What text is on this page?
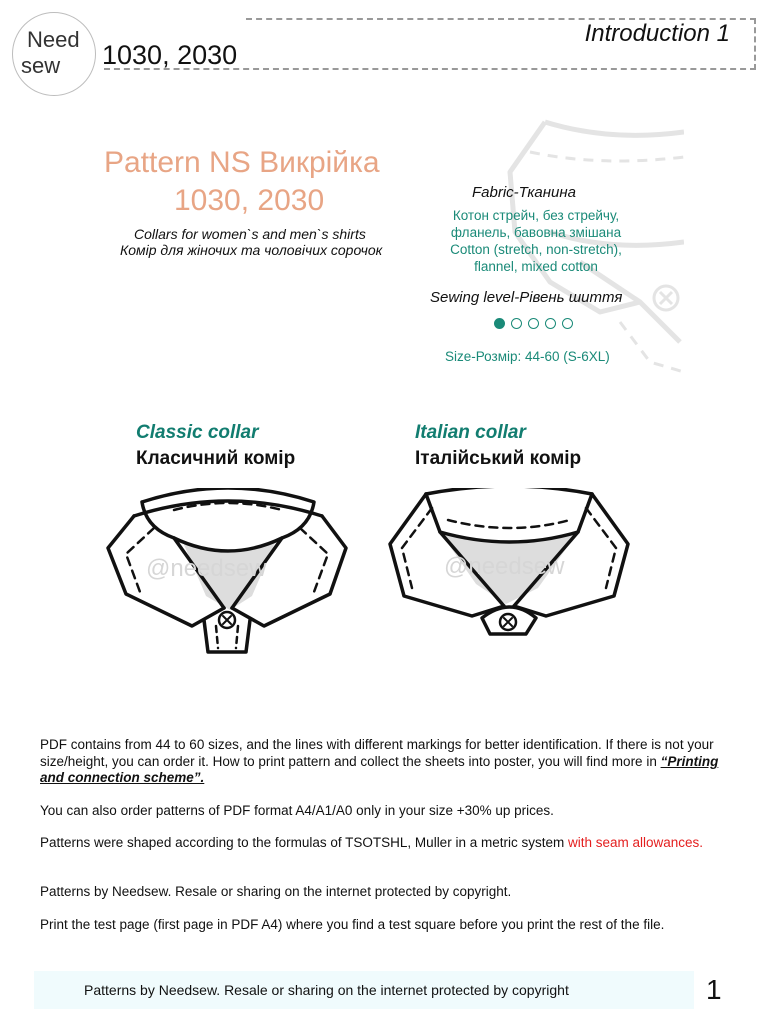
Need
sew 1030, 2030
Introduction 1
Pattern NS Викрійка
1030, 2030
Collars for women`s and men`s shirts
Комір для жіночих та чоловічих сорочок
Fabric-Тканина
Котон стрейч, без стрейчу,
фланель, бавовна змішана
Cotton (stretch, non-stretch),
flannel, mixed cotton
Sewing level-Рівень шиття
Size-Розмір: 44-60 (S-6XL)
Classic collar
Класичний комір
Italian collar
Італійський комір
@needsew	@needsew
PDF contains from 44 to 60 sizes, and the lines with different markings for better identification. If there is not your size/height, you can order it. How to print pattern and collect the sheets into poster, you will find more in “Printing and connection scheme”.
You can also order patterns of PDF format A4/A1/A0 only in your size +30% up prices.
Patterns were shaped according to the formulas of TSOTSHL, Muller in a metric system with seam allowances.
Patterns by Needsew. Resale or sharing on the internet protected by copyright.
Print the test page (first page in PDF A4) where you find a test square before you print the rest of the file.
Patterns by Needsew. Resale or sharing on the internet protected by copyright	1
